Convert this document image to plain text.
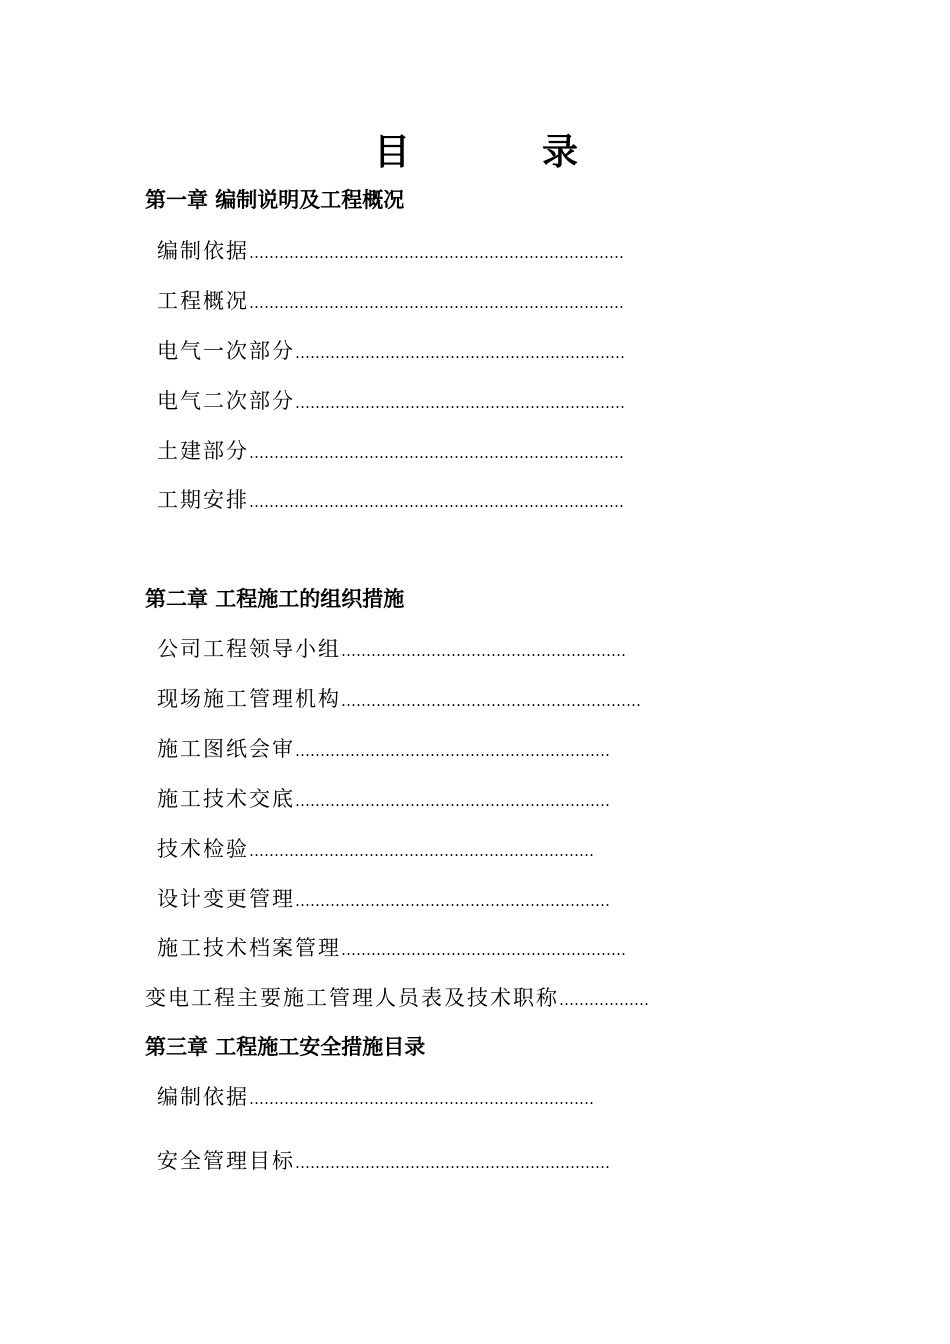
目	录
第一章 编制说明及工程概况
编制依据…………………………………………………………………
工程概况…………………………………………………………………
电气一次部分…………………………………………………………
电气二次部分…………………………………………………………
土建部分…………………………………………………………………
工期安排…………………………………………………………………
第二章 工程施工的组织措施
公司工程领导小组…………………………………………………
现场施工管理机构……………………………………………………
施工图纸会审………………………………………………………
施工技术交底………………………………………………………
技术检验……………………………………………………………
设计变更管理………………………………………………………
施工技术档案管理…………………………………………………
变电工程主要施工管理人员表及技术职称………………
第三章 工程施工安全措施目录
编制依据……………………………………………………………
安全管理目标………………………………………………………
